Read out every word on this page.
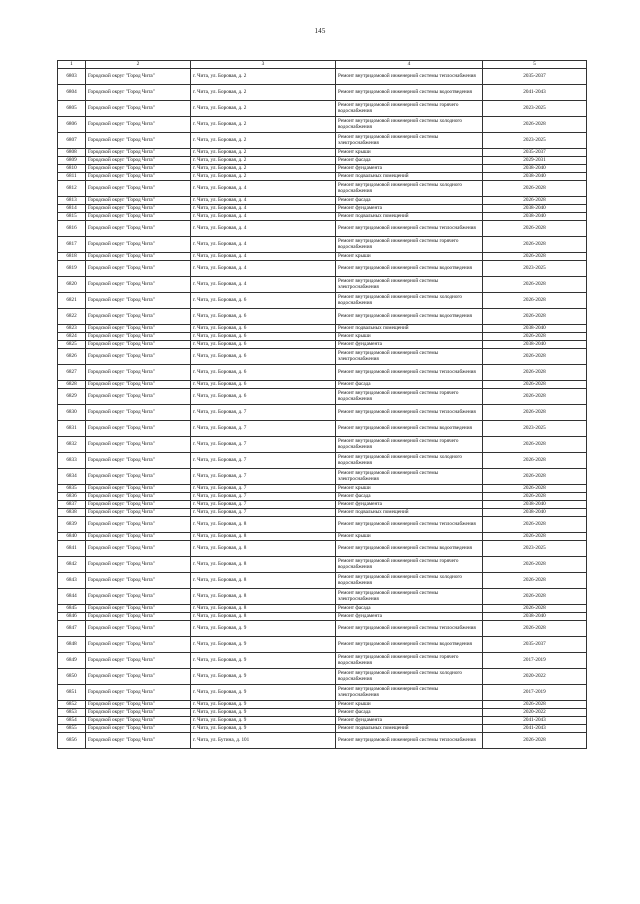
145
1	2	3	4	5
6803	Городской округ "Город Чита"	г. Чита, ул. Боровая, д. 2	Ремонт внутридомовой инженерной системы теплоснабжения	2035-2037
6804	Городской округ "Город Чита"	г. Чита, ул. Боровая, д. 2	Ремонт внутридомовой инженерной системы водоотведения	2041-2043
6805	Городской округ "Город Чита"	г. Чита, ул. Боровая, д. 2	Ремонт внутридомовой инженерной системы горячего водоснабжения	2023-2025
6806	Городской округ "Город Чита"	г. Чита, ул. Боровая, д. 2	Ремонт внутридомовой инженерной системы холодного водоснабжения	2026-2028
6807	Городской округ "Город Чита"	г. Чита, ул. Боровая, д. 2	Ремонт внутридомовой инженерной системы электроснабжения	2023-2025
6808	Городской округ "Город Чита"	г. Чита, ул. Боровая, д. 2	Ремонт крыши	2035-2037
6809	Городской округ "Город Чита"	г. Чита, ул. Боровая, д. 2	Ремонт фасада	2029-2031
6810	Городской округ "Город Чита"	г. Чита, ул. Боровая, д. 2	Ремонт фундамента	2038-2040
6811	Городской округ "Город Чита"	г. Чита, ул. Боровая, д. 2	Ремонт подвальных помещений	2038-2040
6812	Городской округ "Город Чита"	г. Чита, ул. Боровая, д. 4	Ремонт внутридомовой инженерной системы холодного водоснабжения	2026-2028
6813	Городской округ "Город Чита"	г. Чита, ул. Боровая, д. 4	Ремонт фасада	2026-2028
6814	Городской округ "Город Чита"	г. Чита, ул. Боровая, д. 4	Ремонт фундамента	2038-2040
6815	Городской округ "Город Чита"	г. Чита, ул. Боровая, д. 4	Ремонт подвальных помещений	2038-2040
6816	Городской округ "Город Чита"	г. Чита, ул. Боровая, д. 4	Ремонт внутридомовой инженерной системы теплоснабжения	2026-2028
6817	Городской округ "Город Чита"	г. Чита, ул. Боровая, д. 4	Ремонт внутридомовой инженерной системы горячего водоснабжения	2026-2028
6818	Городской округ "Город Чита"	г. Чита, ул. Боровая, д. 4	Ремонт крыши	2026-2028
6819	Городской округ "Город Чита"	г. Чита, ул. Боровая, д. 4	Ремонт внутридомовой инженерной системы водоотведения	2023-2025
6820	Городской округ "Город Чита"	г. Чита, ул. Боровая, д. 4	Ремонт внутридомовой инженерной системы электроснабжения	2026-2028
6821	Городской округ "Город Чита"	г. Чита, ул. Боровая, д. 6	Ремонт внутридомовой инженерной системы холодного водоснабжения	2026-2028
6822	Городской округ "Город Чита"	г. Чита, ул. Боровая, д. 6	Ремонт внутридомовой инженерной системы водоотведения	2026-2028
6823	Городской округ "Город Чита"	г. Чита, ул. Боровая, д. 6	Ремонт подвальных помещений	2038-2040
6824	Городской округ "Город Чита"	г. Чита, ул. Боровая, д. 6	Ремонт крыши	2026-2028
6825	Городской округ "Город Чита"	г. Чита, ул. Боровая, д. 6	Ремонт фундамента	2038-2040
6826	Городской округ "Город Чита"	г. Чита, ул. Боровая, д. 6	Ремонт внутридомовой инженерной системы электроснабжения	2026-2028
6827	Городской округ "Город Чита"	г. Чита, ул. Боровая, д. 6	Ремонт внутридомовой инженерной системы теплоснабжения	2026-2028
6828	Городской округ "Город Чита"	г. Чита, ул. Боровая, д. 6	Ремонт фасада	2026-2028
6829	Городской округ "Город Чита"	г. Чита, ул. Боровая, д. 6	Ремонт внутридомовой инженерной системы горячего водоснабжения	2026-2028
6830	Городской округ "Город Чита"	г. Чита, ул. Боровая, д. 7	Ремонт внутридомовой инженерной системы теплоснабжения	2026-2028
6831	Городской округ "Город Чита"	г. Чита, ул. Боровая, д. 7	Ремонт внутридомовой инженерной системы водоотведения	2023-2025
6832	Городской округ "Город Чита"	г. Чита, ул. Боровая, д. 7	Ремонт внутридомовой инженерной системы горячего водоснабжения	2026-2028
6833	Городской округ "Город Чита"	г. Чита, ул. Боровая, д. 7	Ремонт внутридомовой инженерной системы холодного водоснабжения	2026-2028
6834	Городской округ "Город Чита"	г. Чита, ул. Боровая, д. 7	Ремонт внутридомовой инженерной системы электроснабжения	2026-2028
6835	Городской округ "Город Чита"	г. Чита, ул. Боровая, д. 7	Ремонт крыши	2026-2028
6836	Городской округ "Город Чита"	г. Чита, ул. Боровая, д. 7	Ремонт фасада	2026-2028
6837	Городской округ "Город Чита"	г. Чита, ул. Боровая, д. 7	Ремонт фундамента	2038-2040
6838	Городской округ "Город Чита"	г. Чита, ул. Боровая, д. 7	Ремонт подвальных помещений	2038-2040
6839	Городской округ "Город Чита"	г. Чита, ул. Боровая, д. 8	Ремонт внутридомовой инженерной системы теплоснабжения	2026-2028
6840	Городской округ "Город Чита"	г. Чита, ул. Боровая, д. 8	Ремонт крыши	2026-2028
6841	Городской округ "Город Чита"	г. Чита, ул. Боровая, д. 8	Ремонт внутридомовой инженерной системы водоотведения	2023-2025
6842	Городской округ "Город Чита"	г. Чита, ул. Боровая, д. 8	Ремонт внутридомовой инженерной системы горячего водоснабжения	2026-2028
6843	Городской округ "Город Чита"	г. Чита, ул. Боровая, д. 8	Ремонт внутридомовой инженерной системы холодного водоснабжения	2026-2028
6844	Городской округ "Город Чита"	г. Чита, ул. Боровая, д. 8	Ремонт внутридомовой инженерной системы электроснабжения	2026-2028
6845	Городской округ "Город Чита"	г. Чита, ул. Боровая, д. 8	Ремонт фасада	2026-2028
6846	Городской округ "Город Чита"	г. Чита, ул. Боровая, д. 8	Ремонт фундамента	2038-2040
6847	Городской округ "Город Чита"	г. Чита, ул. Боровая, д. 9	Ремонт внутридомовой инженерной системы теплоснабжения	2026-2028
6848	Городской округ "Город Чита"	г. Чита, ул. Боровая, д. 9	Ремонт внутридомовой инженерной системы водоотведения	2035-2037
6849	Городской округ "Город Чита"	г. Чита, ул. Боровая, д. 9	Ремонт внутридомовой инженерной системы горячего водоснабжения	2017-2019
6850	Городской округ "Город Чита"	г. Чита, ул. Боровая, д. 9	Ремонт внутридомовой инженерной системы холодного водоснабжения	2020-2022
6851	Городской округ "Город Чита"	г. Чита, ул. Боровая, д. 9	Ремонт внутридомовой инженерной системы электроснабжения	2017-2019
6852	Городской округ "Город Чита"	г. Чита, ул. Боровая, д. 9	Ремонт крыши	2026-2028
6853	Городской округ "Город Чита"	г. Чита, ул. Боровая, д. 9	Ремонт фасада	2020-2022
6854	Городской округ "Город Чита"	г. Чита, ул. Боровая, д. 9	Ремонт фундамента	2041-2043
6855	Городской округ "Город Чита"	г. Чита, ул. Боровая, д. 9	Ремонт подвальных помещений	2041-2043
6856	Городской округ "Город Чита"	г. Чита, ул. Бутина, д. 101	Ремонт внутридомовой инженерной системы теплоснабжения	2026-2028
